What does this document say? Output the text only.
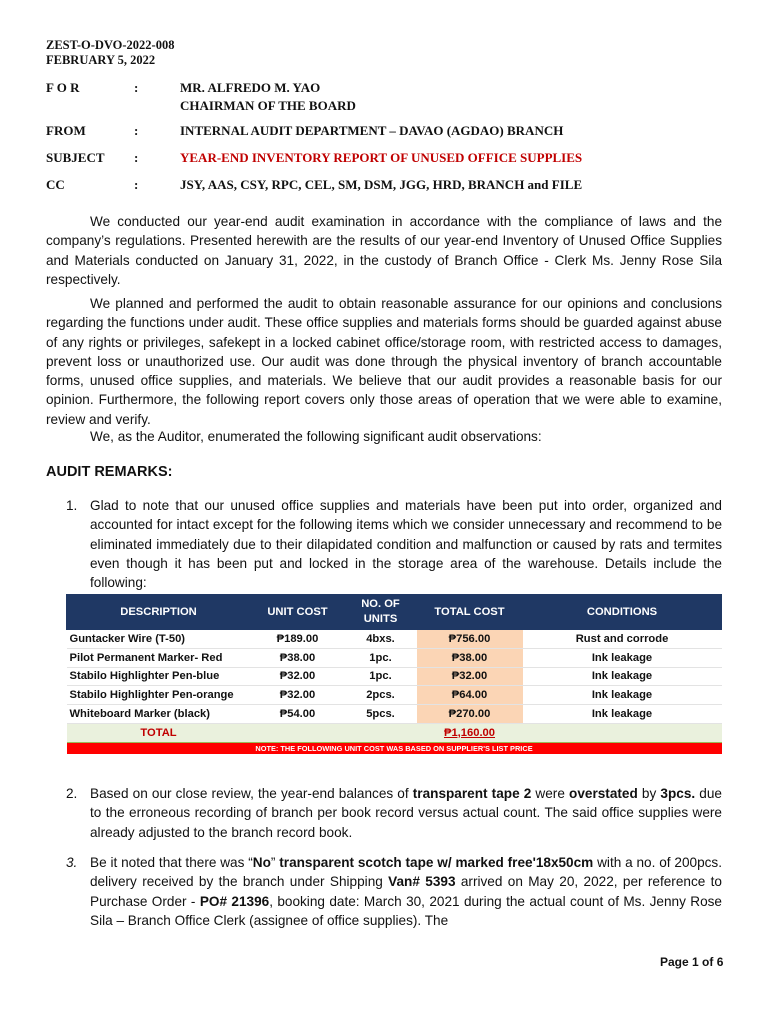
ZEST-O-DVO-2022-008
FEBRUARY 5, 2022
F O R	:	MR. ALFREDO M. YAO
CHAIRMAN OF THE BOARD
FROM	:	INTERNAL AUDIT DEPARTMENT – DAVAO (AGDAO) BRANCH
SUBJECT	:	YEAR-END INVENTORY REPORT OF UNUSED OFFICE SUPPLIES
CC	:	JSY, AAS, CSY, RPC, CEL, SM, DSM, JGG, HRD, BRANCH and FILE
We conducted our year-end audit examination in accordance with the compliance of laws and the company’s regulations. Presented herewith are the results of our year-end Inventory of Unused Office Supplies and Materials conducted on January 31, 2022, in the custody of Branch Office - Clerk Ms. Jenny Rose Sila respectively.
We planned and performed the audit to obtain reasonable assurance for our opinions and conclusions regarding the functions under audit. These office supplies and materials forms should be guarded against abuse of any rights or privileges, safekept in a locked cabinet office/storage room, with restricted access to damages, prevent loss or unauthorized use. Our audit was done through the physical inventory of branch accountable forms, unused office supplies, and materials. We believe that our audit provides a reasonable basis for our opinion. Furthermore, the following report covers only those areas of operation that we were able to examine, review and verify.
We, as the Auditor, enumerated the following significant audit observations:
AUDIT REMARKS:
1. Glad to note that our unused office supplies and materials have been put into order, organized and accounted for intact except for the following items which we consider unnecessary and recommend to be eliminated immediately due to their dilapidated condition and malfunction or caused by rats and termites even though it has been put and locked in the storage area of the warehouse. Details include the following:
DESCRIPTION	UNIT COST	NO. OF UNITS	TOTAL COST	CONDITIONS
Guntacker Wire (T-50)	₱189.00	4bxs.	₱756.00	Rust and corrode
Pilot Permanent Marker- Red	₱38.00	1pc.	₱38.00	Ink leakage
Stabilo Highlighter Pen-blue	₱32.00	1pc.	₱32.00	Ink leakage
Stabilo Highlighter Pen-orange	₱32.00	2pcs.	₱64.00	Ink leakage
Whiteboard Marker (black)	₱54.00	5pcs.	₱270.00	Ink leakage
TOTAL			₱1,160.00	
NOTE: THE FOLLOWING UNIT COST WAS BASED ON SUPPLIER'S LIST PRICE				
2. Based on our close review, the year-end balances of transparent tape 2 were overstated by 3pcs. due to the erroneous recording of branch per book record versus actual count. The said office supplies were already adjusted to the branch record book.
3. Be it noted that there was “No” transparent scotch tape w/ marked free'18x50cm with a no. of 200pcs. delivery received by the branch under Shipping Van# 5393 arrived on May 20, 2022, per reference to Purchase Order - PO# 21396, booking date: March 30, 2021 during the actual count of Ms. Jenny Rose Sila – Branch Office Clerk (assignee of office supplies). The
Page 1 of 6
